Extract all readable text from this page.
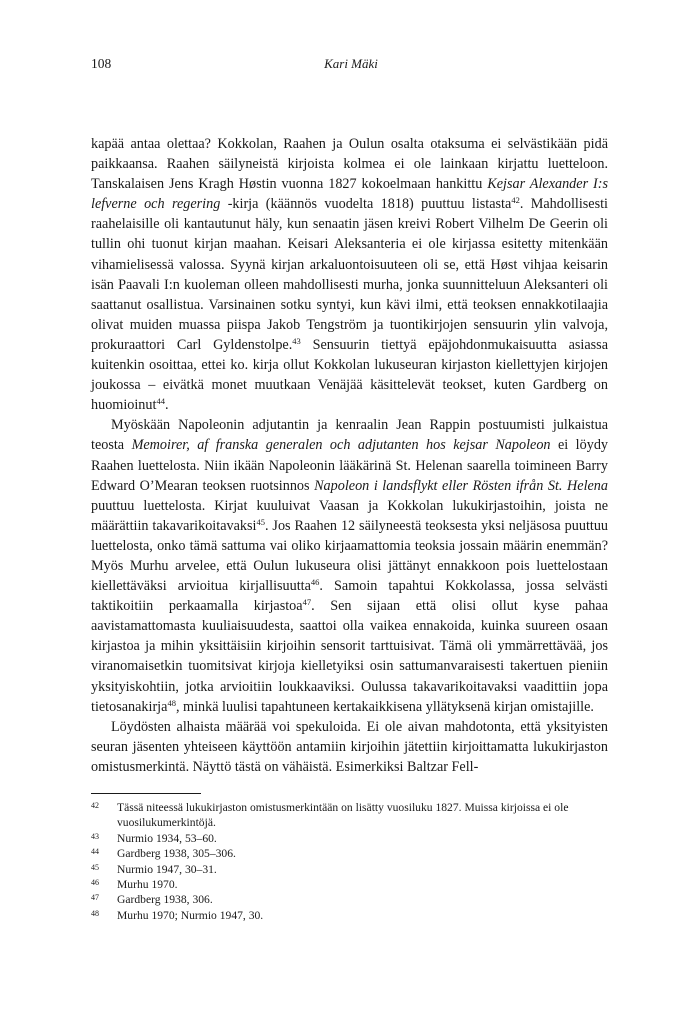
108	Kari Mäki

kapää antaa olettaa? Kokkolan, Raahen ja Oulun osalta otaksuma ei selvästikään pidä paikkaansa. Raahen säilyneistä kirjoista kolmea ei ole lainkaan kirjattu luetteloon. Tanskalaisen Jens Kragh Høstin vuonna 1827 kokoelmaan hankittu Kejsar Alexander I:s lefverne och regering -kirja (käännös vuodelta 1818) puuttuu listasta$^{42}$. Mahdollisesti raahelaisille oli kantautunut häly, kun senaatin jäsen kreivi Robert Vilhelm De Geerin oli tullin ohi tuonut kirjan maahan. Keisari Aleksanteria ei ole kirjassa esitetty mitenkään vihamielisessä valossa. Syynä kirjan arkaluontoisuuteen oli se, että Høst vihjaa keisarin isän Paavali I:n kuoleman olleen mahdollisesti murha, jonka suunnitteluun Aleksanteri oli saattanut osallistua. Varsinainen sotku syntyi, kun kävi ilmi, että teoksen ennakkotilaajia olivat muiden muassa piispa Jakob Tengström ja tuontikirjojen sensuurin ylin valvoja, prokuraattori Carl Gyldenstolpe.$^{43}$ Sensuurin tiettyä epäjohdonmukaisuutta asiassa kuitenkin osoittaa, ettei ko. kirja ollut Kokkolan lukuseuran kirjaston kiellettyjen kirjojen joukossa – eivätkä monet muutkaan Venäjää käsittelevät teokset, kuten Gardberg on huomioinut$^{44}$.

Myöskään Napoleonin adjutantin ja kenraalin Jean Rappin postuumisti julkaistua teosta Memoirer, af franska generalen och adjutanten hos kejsar Napoleon ei löydy Raahen luettelosta. Niin ikään Napoleonin lääkärinä St. Helenan saarella toimineen Barry Edward O’Mearan teoksen ruotsinnos Napoleon i landsflykt eller Rösten ifrån St. Helena puuttuu luettelosta. Kirjat kuuluivat Vaasan ja Kokkolan lukukirjastoihin, joista ne määrättiin takavarikoitavaksi$^{45}$. Jos Raahen 12 säilyneestä teoksesta yksi neljäsosa puuttuu luettelosta, onko tämä sattuma vai oliko kirjaamattomia teoksia jossain määrin enemmän? Myös Murhu arvelee, että Oulun lukuseura olisi jättänyt ennakkoon pois luettelostaan kiellettäväksi arvioitua kirjallisuutta$^{46}$. Samoin tapahtui Kokkolassa, jossa selvästi taktikoitiin perkaamalla kirjastoa$^{47}$. Sen sijaan että olisi ollut kyse pahaa aavistamattomasta kuuliaisuudesta, saattoi olla vaikea ennakoida, kuinka suureen osaan kirjastoa ja mihin yksittäisiin kirjoihin sensorit tarttuisivat. Tämä oli ymmärrettävää, jos viranomaisetkin tuomitsivat kirjoja kielletyiksi osin sattumanvaraisesti takertuen pieniin yksityiskohtiin, jotka arvioitiin loukkaaviksi. Oulussa takavarikoitavaksi vaadittiin jopa tietosanakirja$^{48}$, minkä luulisi tapahtuneen kertakaikkisena yllätyksenä kirjan omistajille.

Löydösten alhaista määrää voi spekuloida. Ei ole aivan mahdotonta, että yksityisten seuran jäsenten yhteiseen käyttöön antamiin kirjoihin jätettiin kirjoittamatta lukukirjaston omistusmerkintä. Näyttö tästä on vähäistä. Esimerkiksi Baltzar Fell-

42 Tässä niteessä lukukirjaston omistusmerkintään on lisätty vuosiluku 1827. Muissa kirjoissa ei ole vuosilukumerkintöjä.
43 Nurmio 1934, 53–60.
44 Gardberg 1938, 305–306.
45 Nurmio 1947, 30–31.
46 Murhu 1970.
47 Gardberg 1938, 306.
48 Murhu 1970; Nurmio 1947, 30.
